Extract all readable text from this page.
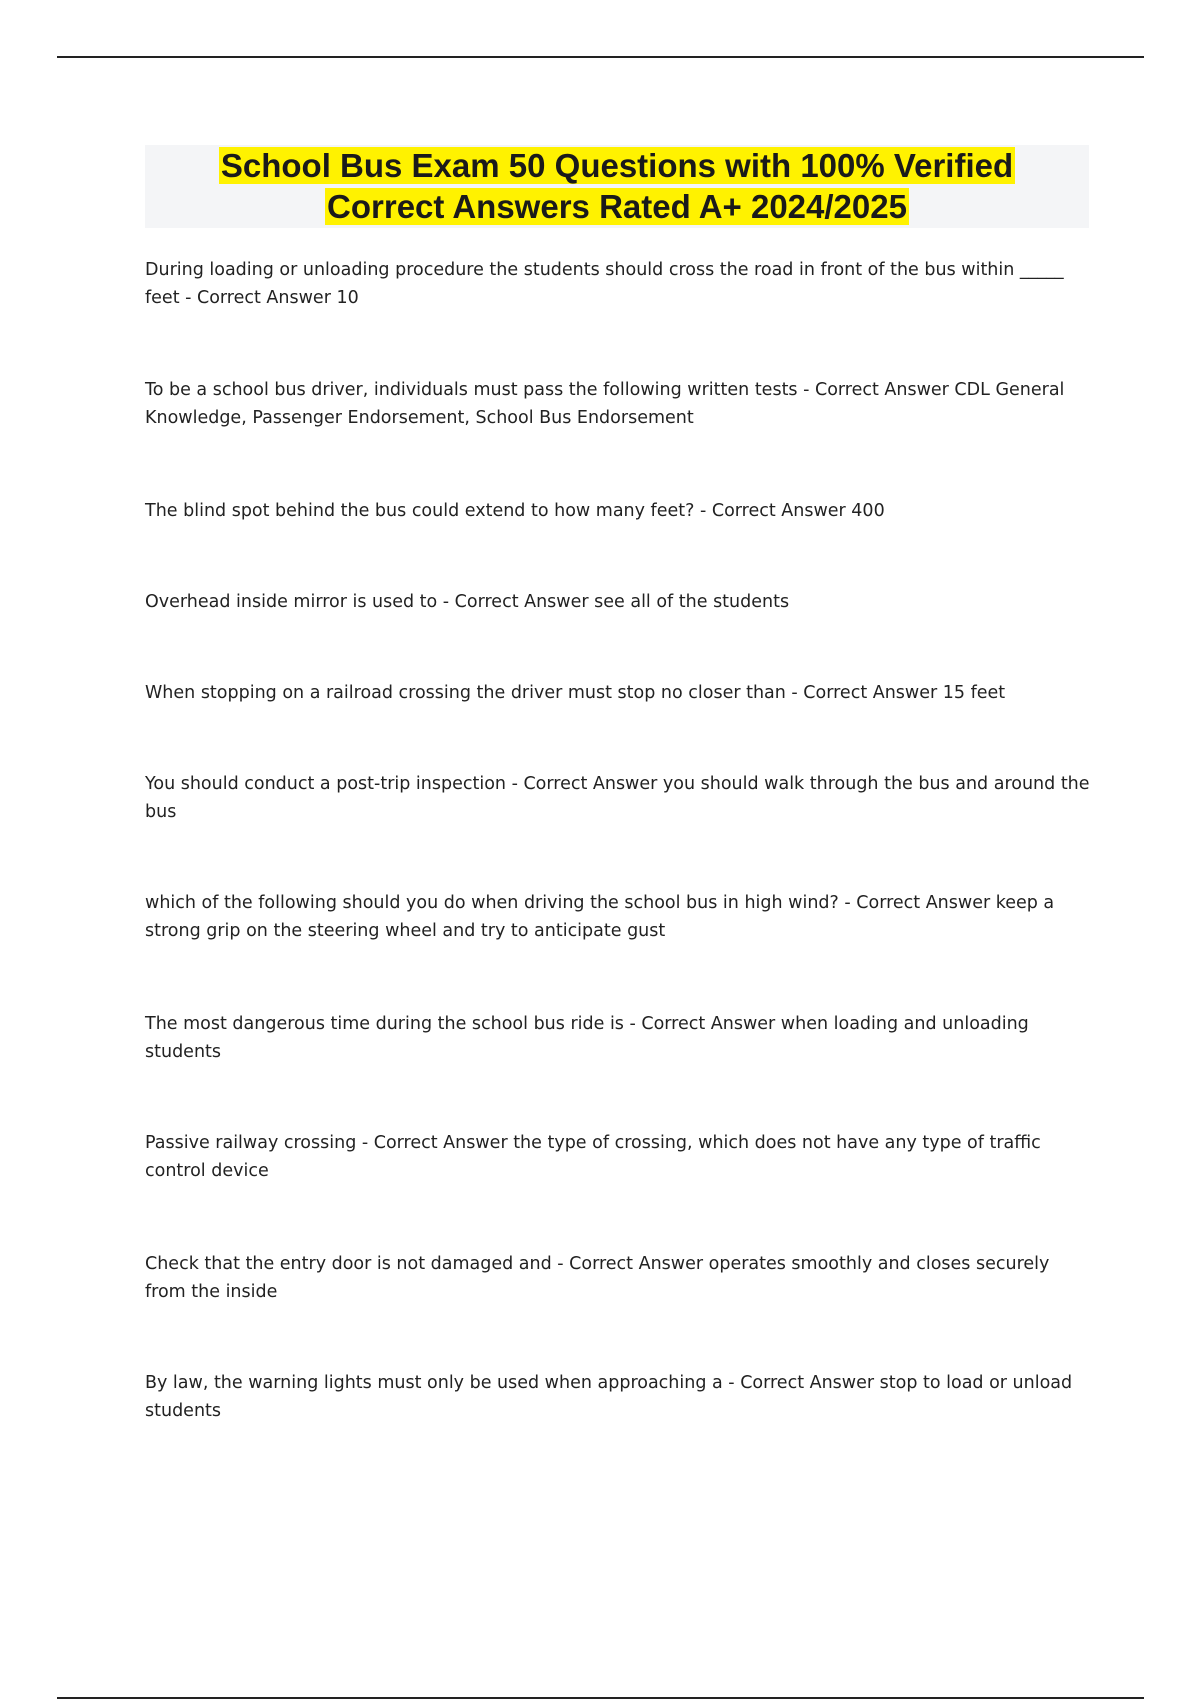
School Bus Exam 50 Questions with 100% Verified
Correct Answers Rated A+ 2024/2025
During loading or unloading procedure the students should cross the road in front of the bus within _____ feet - Correct Answer 10
To be a school bus driver, individuals must pass the following written tests - Correct Answer CDL General Knowledge, Passenger Endorsement, School Bus Endorsement
The blind spot behind the bus could extend to how many feet? - Correct Answer 400
Overhead inside mirror is used to - Correct Answer see all of the students
When stopping on a railroad crossing the driver must stop no closer than - Correct Answer 15 feet
You should conduct a post-trip inspection - Correct Answer you should walk through the bus and around the bus
which of the following should you do when driving the school bus in high wind? - Correct Answer keep a strong grip on the steering wheel and try to anticipate gust
The most dangerous time during the school bus ride is - Correct Answer when loading and unloading students
Passive railway crossing - Correct Answer the type of crossing, which does not have any type of traffic control device
Check that the entry door is not damaged and - Correct Answer operates smoothly and closes securely from the inside
By law, the warning lights must only be used when approaching a - Correct Answer stop to load or unload students
